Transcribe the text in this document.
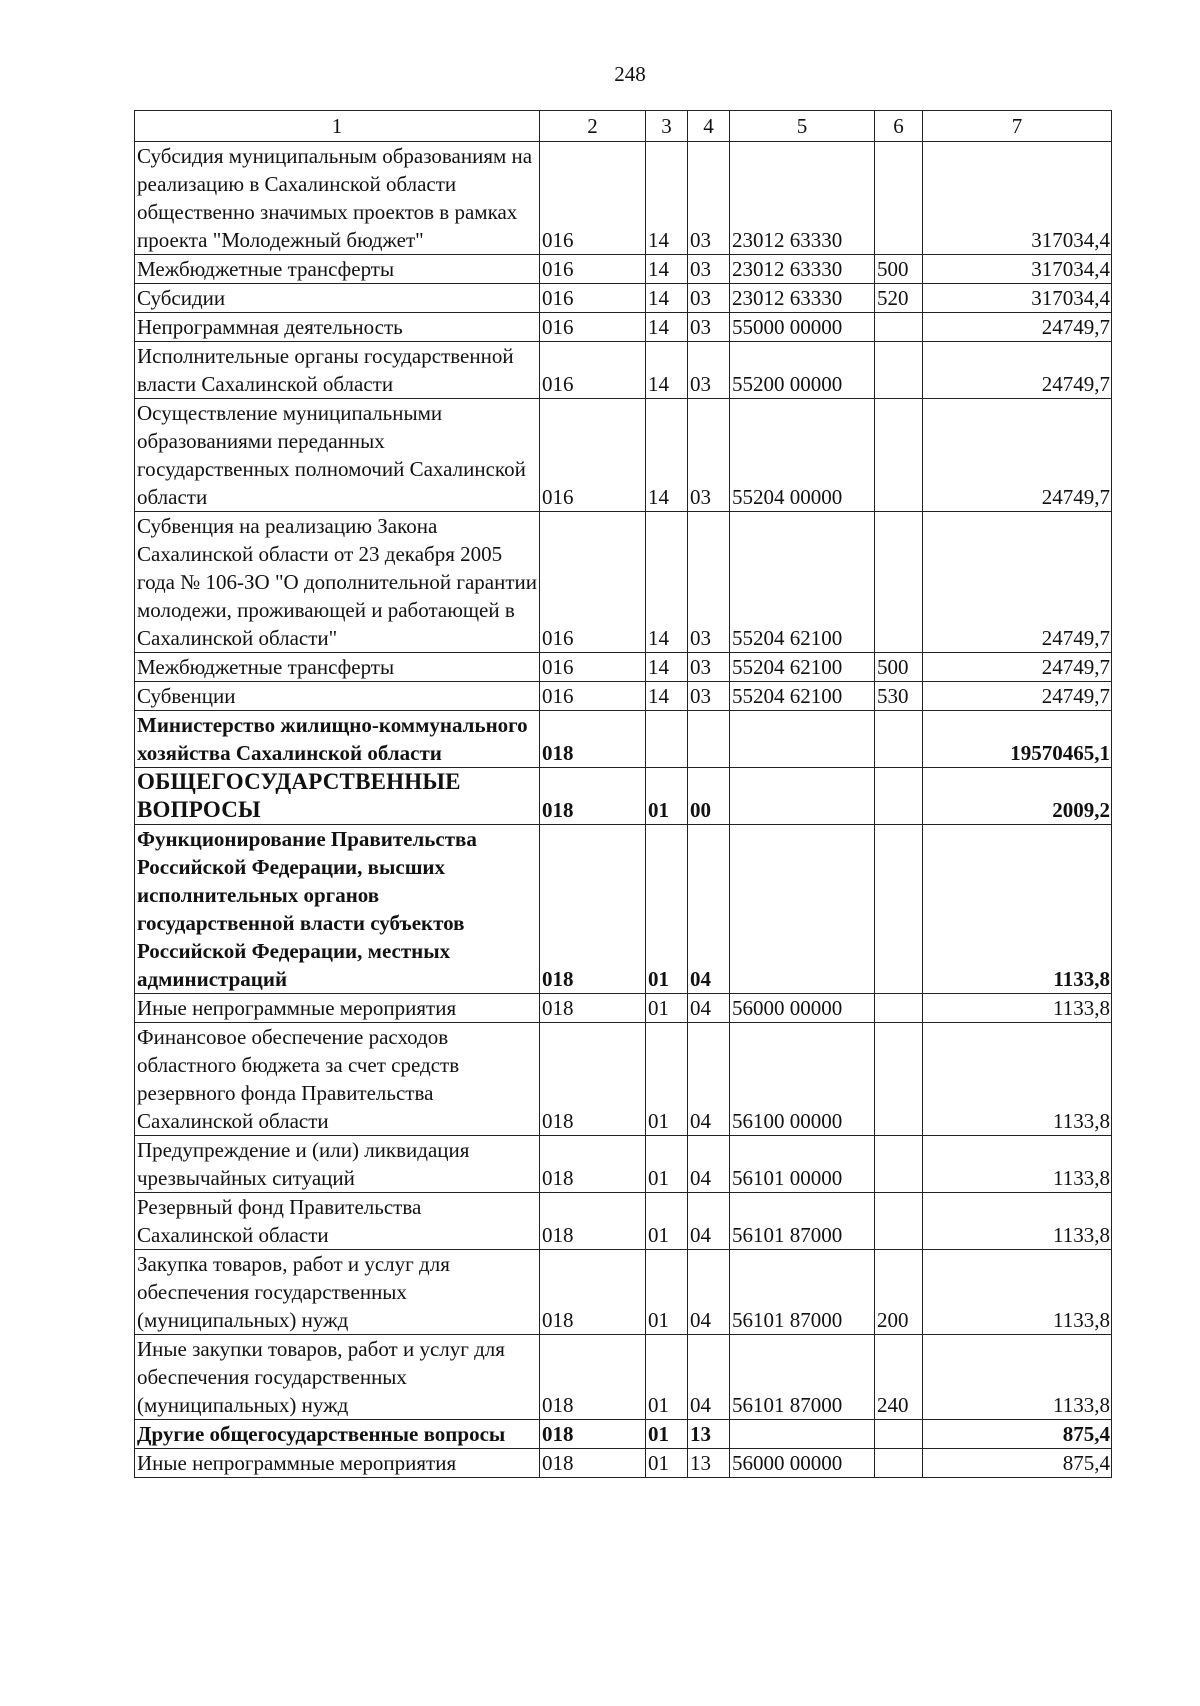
248
1	2	3	4	5	6	7
Субсидия муниципальным образованиям на реализацию в Сахалинской области общественно значимых проектов в рамках проекта "Молодежный бюджет"	016	14	03	23012 63330		317034,4
Межбюджетные трансферты	016	14	03	23012 63330	500	317034,4
Субсидии	016	14	03	23012 63330	520	317034,4
Непрограммная деятельность	016	14	03	55000 00000		24749,7
Исполнительные органы государственной власти Сахалинской области	016	14	03	55200 00000		24749,7
Осуществление муниципальными образованиями переданных государственных полномочий Сахалинской области	016	14	03	55204 00000		24749,7
Субвенция на реализацию Закона Сахалинской области от 23 декабря 2005 года № 106-ЗО "О дополнительной гарантии молодежи, проживающей и работающей в Сахалинской области"	016	14	03	55204 62100		24749,7
Межбюджетные трансферты	016	14	03	55204 62100	500	24749,7
Субвенции	016	14	03	55204 62100	530	24749,7
Министерство жилищно-коммунального хозяйства Сахалинской области	018					19570465,1
ОБЩЕГОСУДАРСТВЕННЫЕ ВОПРОСЫ	018	01	00			2009,2
Функционирование Правительства Российской Федерации, высших исполнительных органов государственной власти субъектов Российской Федерации, местных администраций	018	01	04			1133,8
Иные непрограммные мероприятия	018	01	04	56000 00000		1133,8
Финансовое обеспечение расходов областного бюджета за счет средств резервного фонда Правительства Сахалинской области	018	01	04	56100 00000		1133,8
Предупреждение и (или) ликвидация чрезвычайных ситуаций	018	01	04	56101 00000		1133,8
Резервный фонд Правительства Сахалинской области	018	01	04	56101 87000		1133,8
Закупка товаров, работ и услуг для обеспечения государственных (муниципальных) нужд	018	01	04	56101 87000	200	1133,8
Иные закупки товаров, работ и услуг для обеспечения государственных (муниципальных) нужд	018	01	04	56101 87000	240	1133,8
Другие общегосударственные вопросы	018	01	13			875,4
Иные непрограммные мероприятия	018	01	13	56000 00000		875,4
